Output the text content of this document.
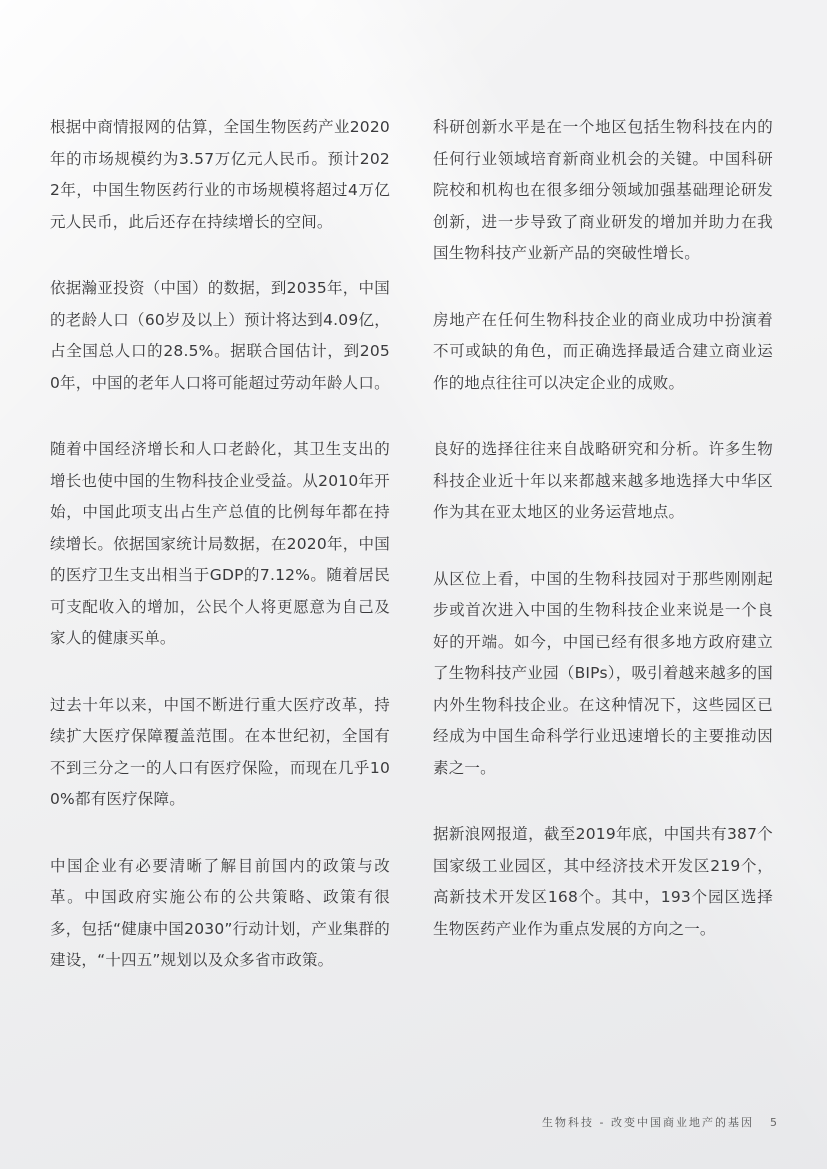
根据中商情报网的估算，全国生物医药产业2020年的市场规模约为3.57万亿元人民币。预计2022年，中国生物医药行业的市场规模将超过4万亿元人民币，此后还存在持续增长的空间。

依据瀚亚投资（中国）的数据，到2035年，中国的老龄人口（60岁及以上）预计将达到4.09亿，占全国总人口的28.5%。据联合国估计，到2050年，中国的老年人口将可能超过劳动年龄人口。

随着中国经济增长和人口老龄化，其卫生支出的增长也使中国的生物科技企业受益。从2010年开始，中国此项支出占生产总值的比例每年都在持续增长。依据国家统计局数据，在2020年，中国的医疗卫生支出相当于GDP的7.12%。随着居民可支配收入的增加，公民个人将更愿意为自己及家人的健康买单。

过去十年以来，中国不断进行重大医疗改革，持续扩大医疗保障覆盖范围。在本世纪初，全国有不到三分之一的人口有医疗保险，而现在几乎100%都有医疗保障。

中国企业有必要清晰了解目前国内的政策与改革。中国政府实施公布的公共策略、政策有很多，包括“健康中国2030”行动计划，产业集群的建设，“十四五”规划以及众多省市政策。

科研创新水平是在一个地区包括生物科技在内的任何行业领域培育新商业机会的关键。中国科研院校和机构也在很多细分领域加强基础理论研发创新，进一步导致了商业研发的增加并助力在我国生物科技产业新产品的突破性增长。

房地产在任何生物科技企业的商业成功中扮演着不可或缺的角色，而正确选择最适合建立商业运作的地点往往可以决定企业的成败。

良好的选择往往来自战略研究和分析。许多生物科技企业近十年以来都越来越多地选择大中华区作为其在亚太地区的业务运营地点。

从区位上看，中国的生物科技园对于那些刚刚起步或首次进入中国的生物科技企业来说是一个良好的开端。如今，中国已经有很多地方政府建立了生物科技产业园（BIPs），吸引着越来越多的国内外生物科技企业。在这种情况下，这些园区已经成为中国生命科学行业迅速增长的主要推动因素之一。

据新浪网报道，截至2019年底，中国共有387个国家级工业园区，其中经济技术开发区219个，高新技术开发区168个。其中，193个园区选择生物医药产业作为重点发展的方向之一。

生物科技 - 改变中国商业地产的基因 5
